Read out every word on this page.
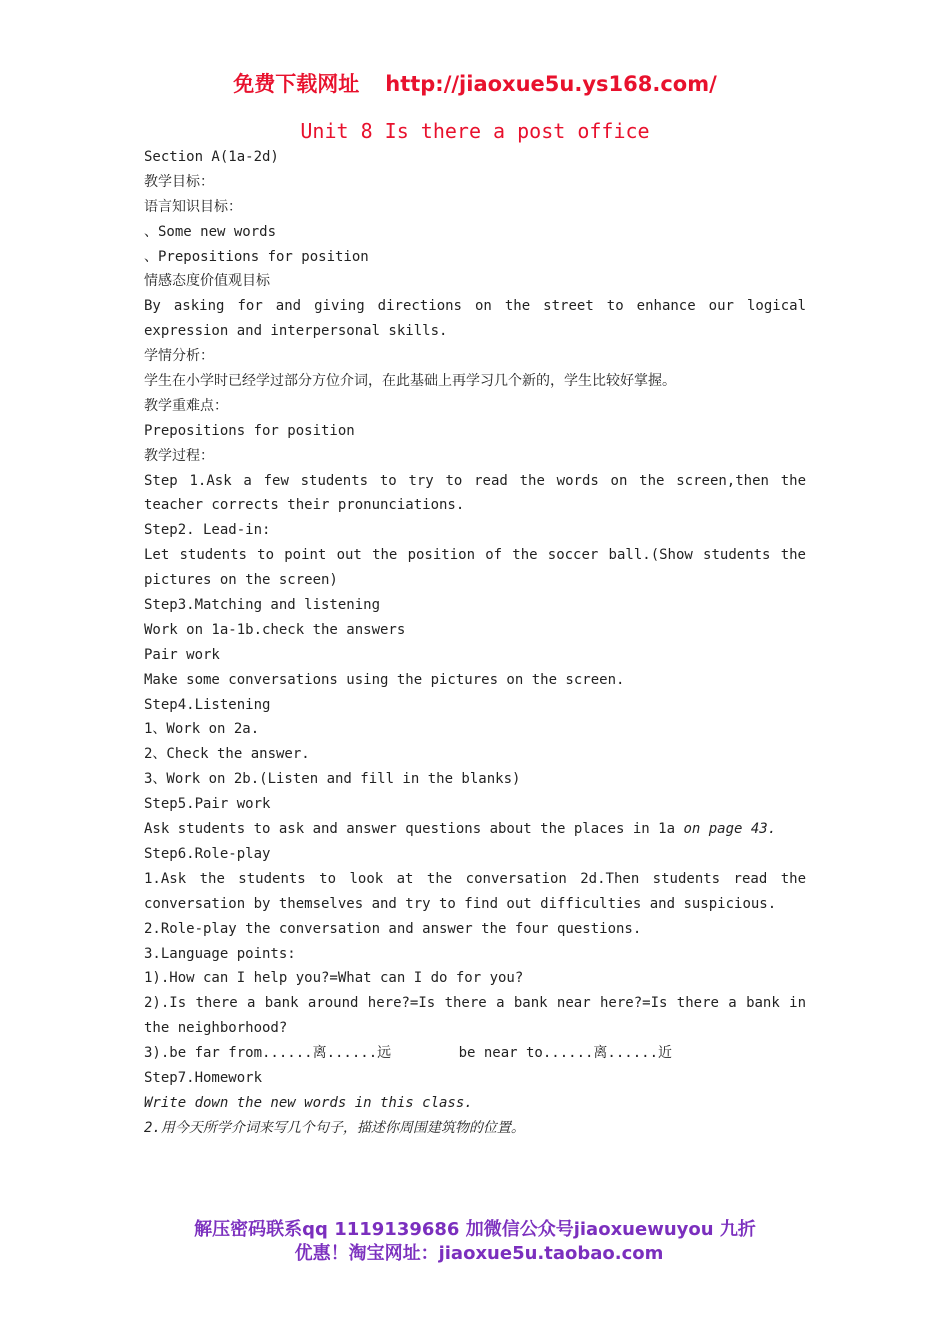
免费下载网址 http://jiaoxue5u.ys168.com/
Unit 8 Is there a post office
Section A(1a-2d)
教学目标：
语言知识目标：
、Some new words
、Prepositions for position
情感态度价值观目标
By asking for and giving directions on the street to enhance our logical
expression and interpersonal skills.
学情分析：
学生在小学时已经学过部分方位介词，在此基础上再学习几个新的，学生比较好掌握。
教学重难点：
Prepositions for position
教学过程：
Step 1.Ask a few students to try to read the words on the screen,then the
teacher corrects their pronunciations.
Step2. Lead-in:
Let students to point out the position of the soccer ball.(Show students the
pictures on the screen)
Step3.Matching and listening
Work on 1a-1b.check the answers
Pair work
Make some conversations using the pictures on the screen.
Step4.Listening
1、Work on 2a.
2、Check the answer.
3、Work on 2b.(Listen and fill in the blanks)
Step5.Pair work
Ask students to ask and answer questions about the places in 1a on page 43.
Step6.Role-play
1.Ask the students to look at the conversation 2d.Then students read the
conversation by themselves and try to find out difficulties and suspicious.
2.Role-play the conversation and answer the four questions.
3.Language points:
1).How can I help you?=What can I do for you?
2).Is there a bank around here?=Is there a bank near here?=Is there a bank in
the neighborhood?
3).be far from......离......远        be near to......离......近
Step7.Homework
Write down the new words in this class.
2.用今天所学介词来写几个句子，描述你周围建筑物的位置。
解压密码联系qq 1119139686 加微信公众号jiaoxuewuyou 九折
优惠！淘宝网址：jiaoxue5u.taobao.com
